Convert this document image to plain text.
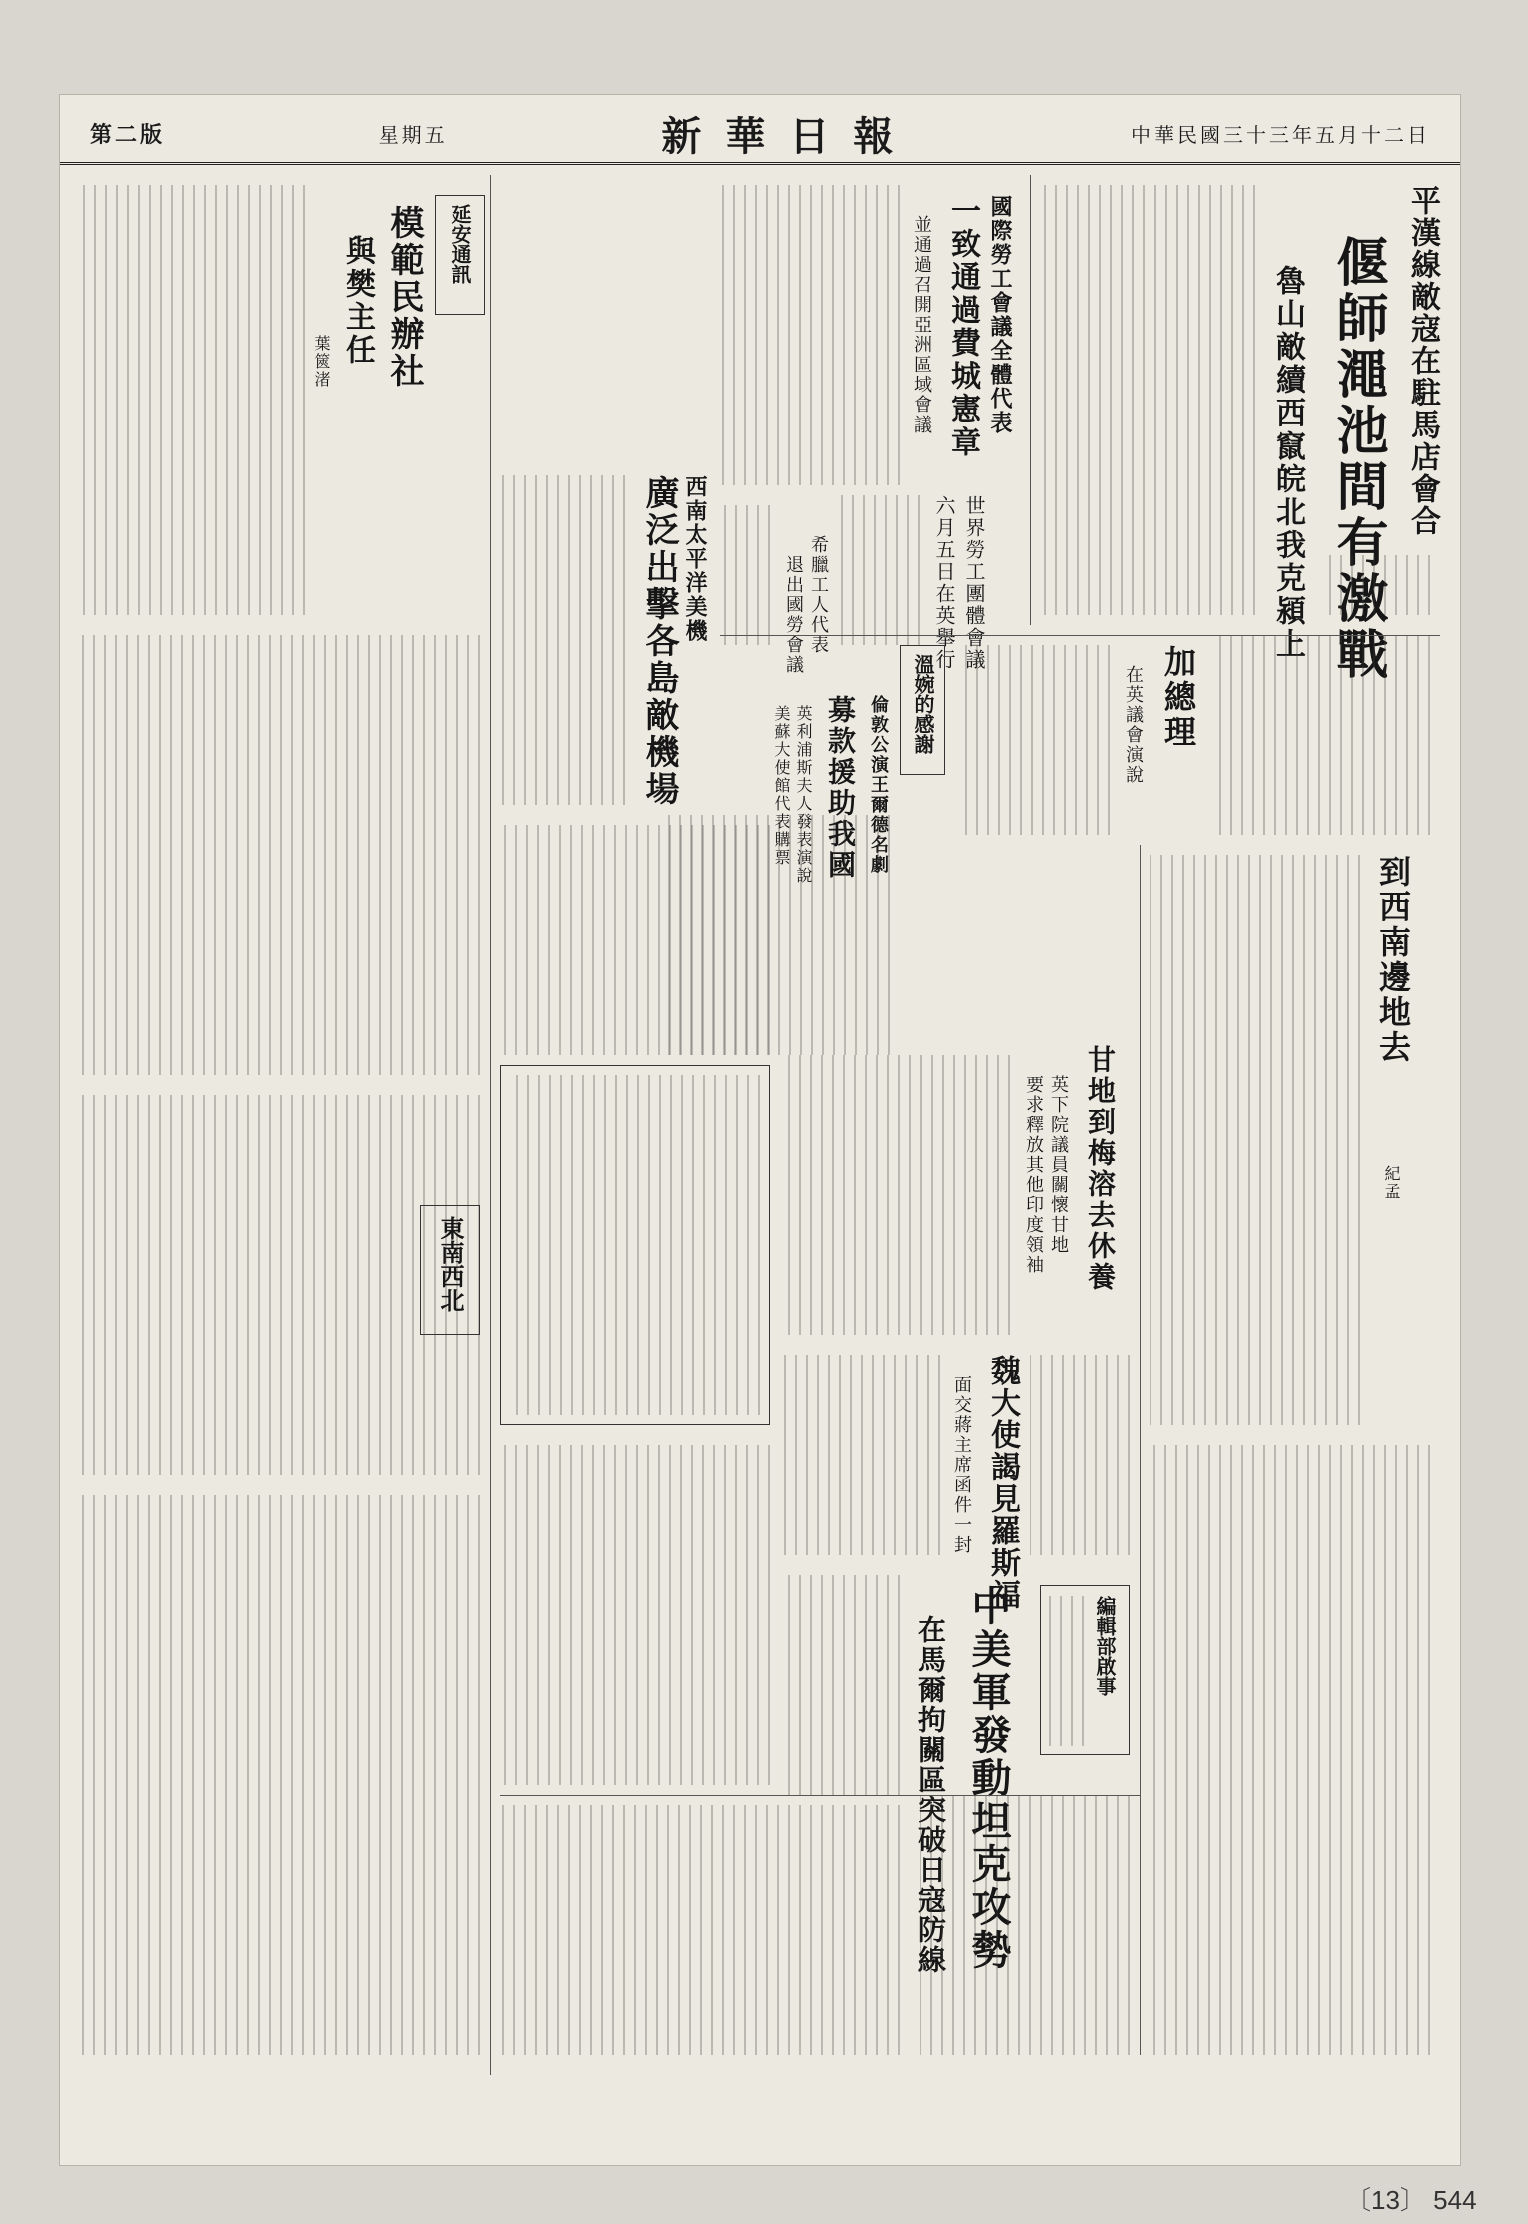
中華民國三十三年五月十二日
新華日報
星期五
第二版
平漢線敵寇在駐馬店會合
偃師澠池間有激戰
魯山敵續西竄皖北我克潁上
國際勞工會議全體代表
一致通過費城憲章
並通過召開亞洲區域會議
世界勞工團體會議
六月五日在英舉行
希臘工人代表
退出國勞會議
西南太平洋美機
廣泛出擊各島敵機場
延安通訊
模範民辦社
與樊主任
葉篋渚
加總理
在英議會演說
溫婉的感謝
倫敦公演王爾德名劇
募款援助我國
英利浦斯夫人發表演說
美蘇大使館代表購票
到西南邊地去
紀孟
甘地到梅溶去休養
英下院議員關懷甘地
要求釋放其他印度領袖
東南西北
魏大使謁見羅斯福
面交蔣主席函件一封
編輯部啟事
中美軍發動坦克攻勢
在馬爾拘關區突破日寇防線
〔13〕 544
